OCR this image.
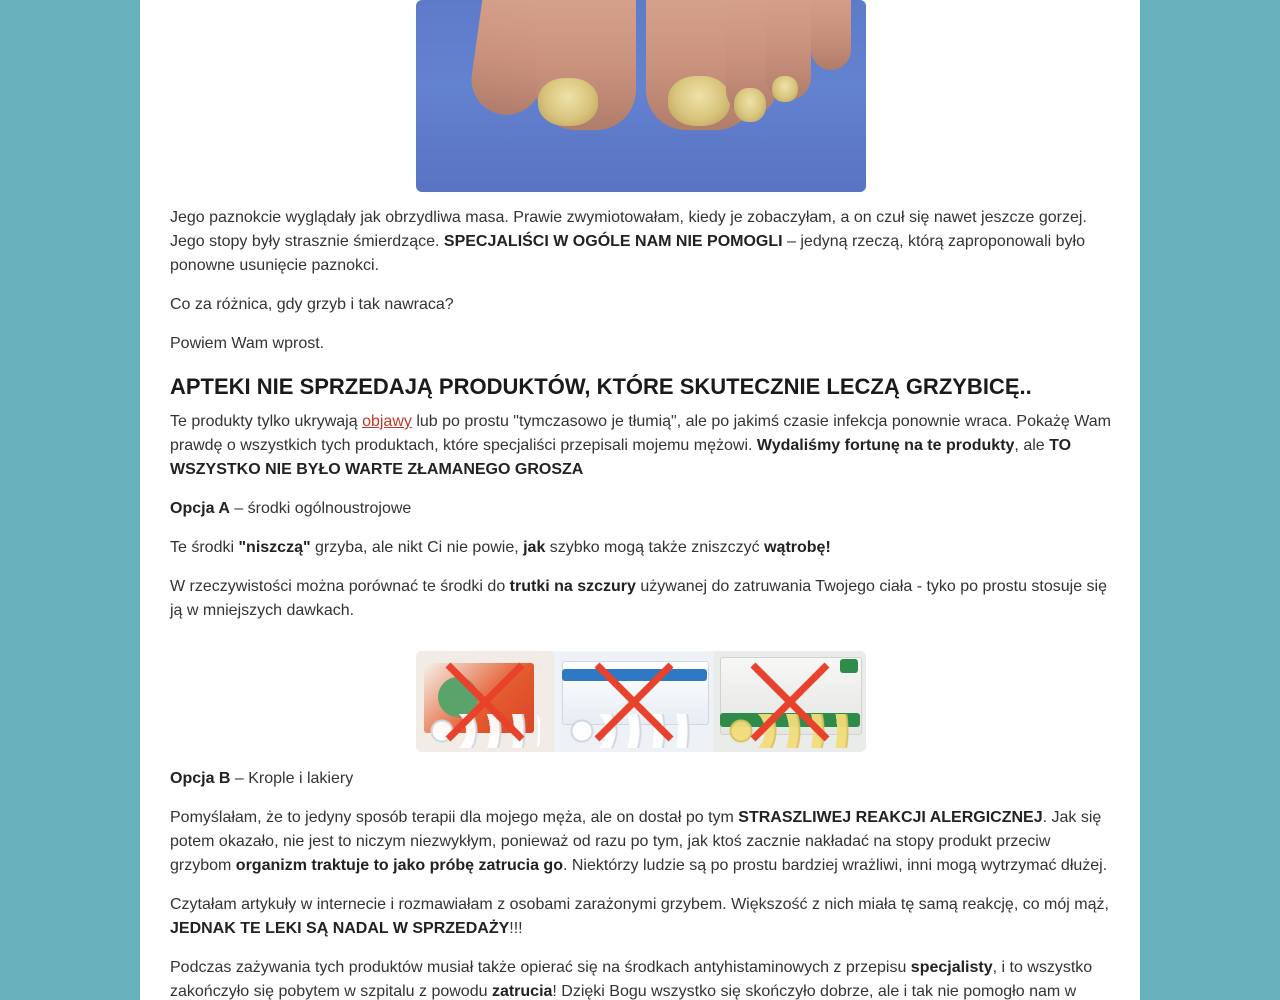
Jego paznokcie wyglądały jak obrzydliwa masa. Prawie zwymiotowałam, kiedy je zobaczyłam, a on czuł się nawet jeszcze gorzej. Jego stopy były strasznie śmierdzące. SPECJALIŚCI W OGÓLE NAM NIE POMOGLI – jedyną rzeczą, którą zaproponowali było ponowne usunięcie paznokci.

Co za różnica, gdy grzyb i tak nawraca?

Powiem Wam wprost.

APTEKI NIE SPRZEDAJĄ PRODUKTÓW, KTÓRE SKUTECZNIE LECZĄ GRZYBICĘ..

Te produkty tylko ukrywają objawy lub po prostu "tymczasowo je tłumią", ale po jakimś czasie infekcja ponownie wraca. Pokażę Wam prawdę o wszystkich tych produktach, które specjaliści przepisali mojemu mężowi. Wydaliśmy fortunę na te produkty, ale TO WSZYSTKO NIE BYŁO WARTE ZŁAMANEGO GROSZA

Opcja A – środki ogólnoustrojowe

Te środki "niszczą" grzyba, ale nikt Ci nie powie, jak szybko mogą także zniszczyć wątrobę!

W rzeczywistości można porównać te środki do trutki na szczury używanej do zatruwania Twojego ciała - tyko po prostu stosuje się ją w mniejszych dawkach.

Opcja B – Krople i lakiery

Pomyślałam, że to jedyny sposób terapii dla mojego męża, ale on dostał po tym STRASZLIWEJ REAKCJI ALERGICZNEJ. Jak się potem okazało, nie jest to niczym niezwykłym, ponieważ od razu po tym, jak ktoś zacznie nakładać na stopy produkt przeciw grzybom organizm traktuje to jako próbę zatrucia go. Niektórzy ludzie są po prostu bardziej wrażliwi, inni mogą wytrzymać dłużej.

Czytałam artykuły w internecie i rozmawiałam z osobami zarażonymi grzybem. Większość z nich miała tę samą reakcję, co mój mąż, JEDNAK TE LEKI SĄ NADAL W SPRZEDAŻY!!!

Podczas zażywania tych produktów musiał także opierać się na środkach antyhistaminowych z przepisu specjalisty, i to wszystko zakończyło się pobytem w szpitalu z powodu zatrucia! Dzięki Bogu wszystko się skończyło dobrze, ale i tak nie pomogło nam w
